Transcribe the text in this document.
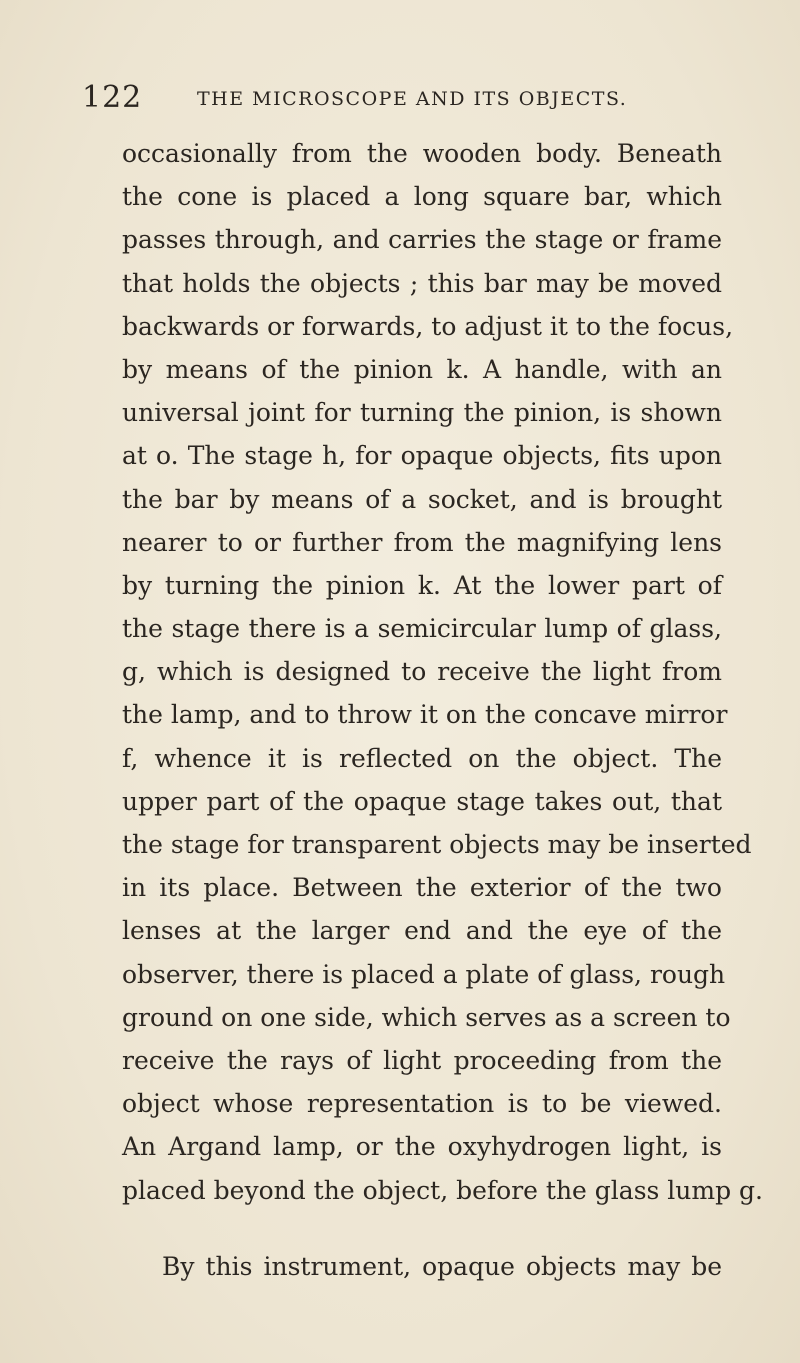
122	THE MICROSCOPE AND ITS OBJECTS.
occasionally from the wooden body. Beneath
the cone is placed a long square bar, which
passes through, and carries the stage or frame
that holds the objects ; this bar may be moved
backwards or forwards, to adjust it to the focus,
by means of the pinion k. A handle, with an
universal joint for turning the pinion, is shown
at o. The stage h, for opaque objects, fits upon
the bar by means of a socket, and is brought
nearer to or further from the magnifying lens
by turning the pinion k. At the lower part of
the stage there is a semicircular lump of glass,
g, which is designed to receive the light from
the lamp, and to throw it on the concave mirror
f, whence it is reflected on the object. The
upper part of the opaque stage takes out, that
the stage for transparent objects may be inserted
in its place. Between the exterior of the two
lenses at the larger end and the eye of the
observer, there is placed a plate of glass, rough
ground on one side, which serves as a screen to
receive the rays of light proceeding from the
object whose representation is to be viewed.
An Argand lamp, or the oxyhydrogen light, is
placed beyond the object, before the glass lump g.
By this instrument, opaque objects may be
